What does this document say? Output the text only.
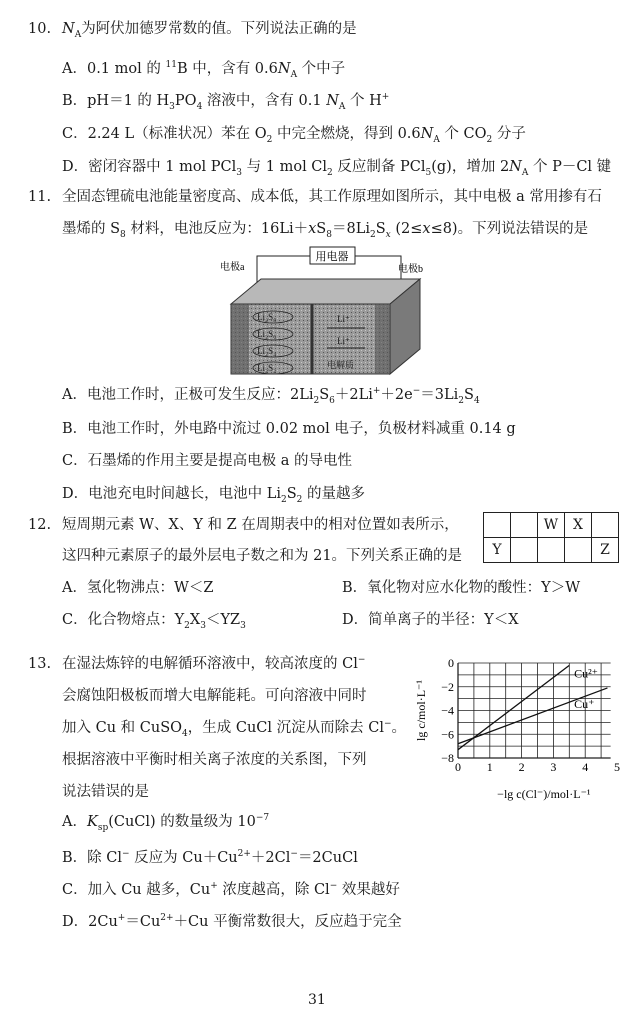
10. $N_A$为阿伏加德罗常数的值。下列说法正确的是
A．0.1 mol 的 $^{11}$B 中，含有 $0.6N_A$ 个中子
B．pH＝1 的 $H_3PO_4$ 溶液中，含有 0.1 $N_A$ 个 H+
C．2.24 L（标准状况）苯在 $O_2$ 中完全燃烧，得到 $0.6N_A$ 个 $CO_2$ 分子
D．密闭容器中 1 mol PCl$_3$ 与 1 mol $Cl_2$ 反应制备 PCl$_5$(g)，增加 $2N_A$ 个 P－Cl 键
11. 全固态锂硫电池能量密度高、成本低，其工作原理如图所示，其中电极 a 常用掺有石
墨烯的 $S_8$ 材料，电池反应为：$16Li+xS_8=8Li_2S_x$ (2≤x≤8)。下列说法错误的是
A．电池工作时，正极可发生反应：$2Li_2S_6+2Li^++2e^-=3Li_2S_4$
B．电池工作时，外电路中流过 0.02 mol 电子，负极材料减重 0.14 g
C．石墨烯的作用主要是提高电极 a 的导电性
D．电池充电时间越长，电池中 $Li_2S_2$ 的量越多
12. 短周期元素 W、X、Y 和 Z 在周期表中的相对位置如表所示，
这四种元素原子的最外层电子数之和为 21。下列关系正确的是
A．氢化物沸点：W＜Z	B．氧化物对应水化物的酸性：Y＞W
C．化合物熔点：$Y_2X_3<YZ_3$	D．简单离子的半径：Y＜X
13. 在湿法炼锌的电解循环溶液中，较高浓度的 Cl−
会腐蚀阳极板而增大电解能耗。可向溶液中同时
加入 Cu 和 CuSO$_4$，生成 CuCl 沉淀从而除去 Cl−。
根据溶液中平衡时相关离子浓度的关系图，下列
说法错误的是
A．$K_{sp}(CuCl)$ 的数量级为 $10^{-7}$
B．除 Cl− 反应为 $Cu+Cu^{2+}+2Cl^-=2CuCl$
C．加入 Cu 越多，Cu+ 浓度越高，除 Cl− 效果越好
D．$2Cu^+=Cu^{2+}+Cu$ 平衡常数很大，反应趋于完全
		W	X	
Y				Z
用电器
电极a	电极b
Li₂S₈
Li₂S₆
Li₂S₄
Li₂S₂
Li⁺
Li⁺
电解质
0 1 2 3 4 5
0
−2
−4
−6
−8
Cu²⁺
Cu⁺
lg c/mol·L⁻¹
−lg c(Cl⁻)/mol·L⁻¹
31
